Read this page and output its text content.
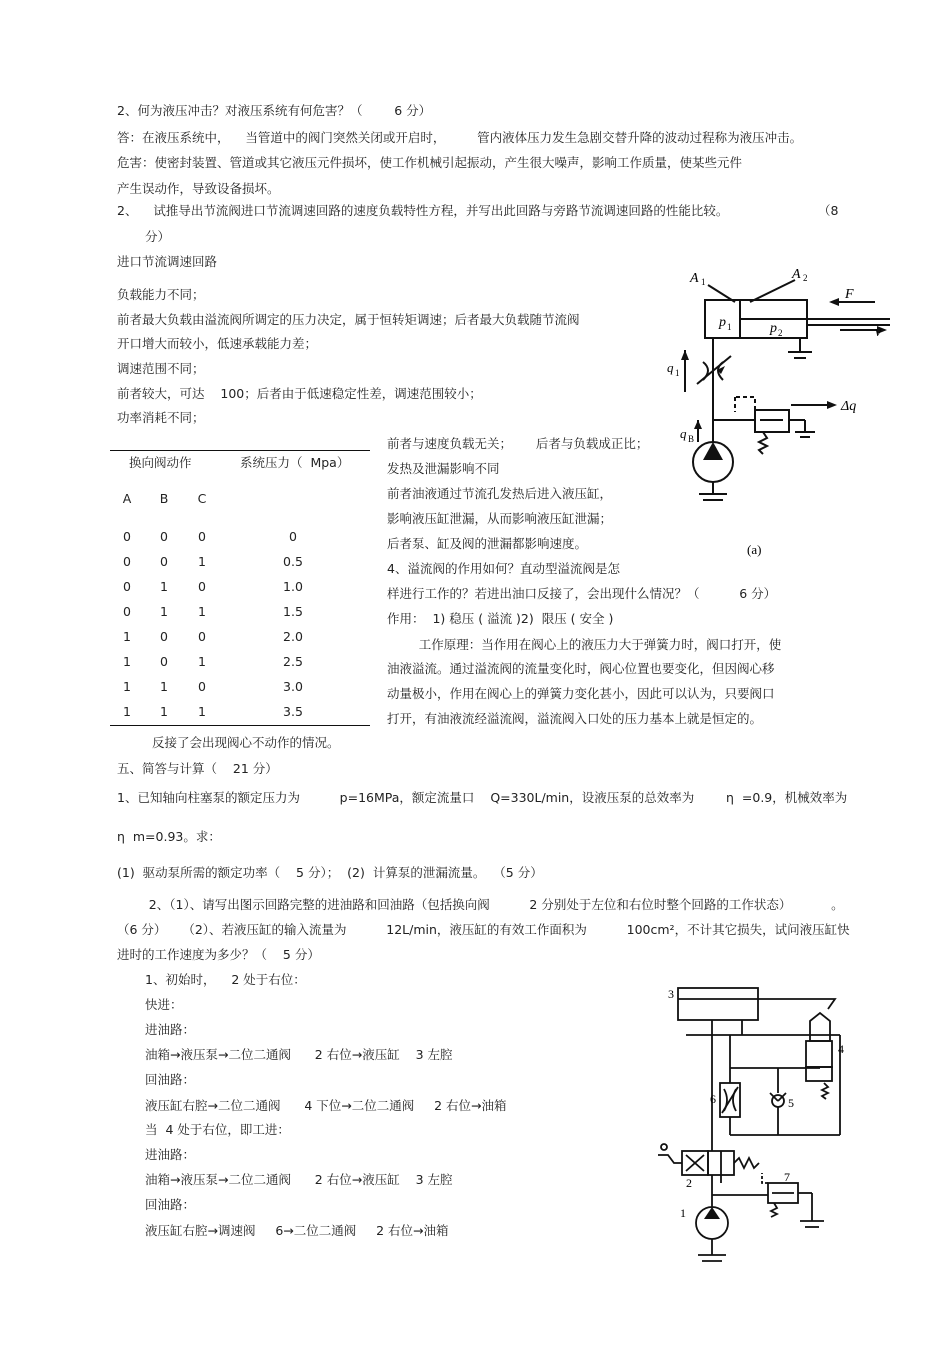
2、何为液压冲击？对液压系统有何危害？（        6 分）
答：在液压系统中，    当管道中的阀门突然关闭或开启时，        管内液体压力发生急剧交替升降的波动过程称为液压冲击。
危害：使密封装置、管道或其它液压元件损坏，使工作机械引起振动，产生很大噪声，影响工作质量，使某些元件
产生误动作，导致设备损坏。
2、    试推导出节流阀进口节流调速回路的速度负载特性方程，并写出此回路与旁路节流调速回路的性能比较。	（8
分）
进口节流调速回路
负载能力不同；
前者最大负载由溢流阀所调定的压力决定，属于恒转矩调速；后者最大负载随节流阀
开口增大而较小，低速承载能力差；
调速范围不同；
前者较大，可达    100；后者由于低速稳定性差，调速范围较小；
功率消耗不同；
前者与速度负载无关；      后者与负载成正比；
发热及泄漏影响不同
前者油液通过节流孔发热后进入液压缸，
影响液压缸泄漏，从而影响液压缸泄漏；
后者泵、缸及阀的泄漏都影响速度。
4、溢流阀的作用如何？直动型溢流阀是怎
样进行工作的？若进出油口反接了，会出现什么情况？（          6 分）
作用：  1) 稳压 ( 溢流 )2)  限压 ( 安全 )
工作原理：当作用在阀心上的液压力大于弹簧力时，阀口打开，使
油液溢流。通过溢流阀的流量变化时，阀心位置也要变化，但因阀心移
动量极小，作用在阀心上的弹簧力变化甚小，因此可以认为，只要阀口
打开，有油液流经溢流阀，溢流阀入口处的压力基本上就是恒定的。
反接了会出现阀心不动作的情况。
五、简答与计算（    21 分）
1、已知轴向柱塞泵的额定压力为          p=16MPa，额定流量口    Q=330L/min，设液压泵的总效率为        η  =0.9，机械效率为
η  m=0.93。求：
(1)  驱动泵所需的额定功率（    5 分）；  (2)  计算泵的泄漏流量。  （5 分）
2、（1）、请写出图示回路完整的进油路和回油路（包括换向阀          2 分别处于左位和右位时整个回路的工作状态）          。
（6 分）    （2）、若液压缸的输入流量为          12L/min，液压缸的有效工作面积为          100cm²，不计其它损失，试问液压缸快
进时的工作速度为多少？（    5 分）
1、初始时，    2 处于右位：
快进：
进油路：
油箱→液压泵→二位二通阀      2 右位→液压缸    3 左腔
回油路：
液压缸右腔→二位二通阀      4 下位→二位二通阀     2 右位→油箱
当  4 处于右位，即工进：
进油路：
油箱→液压泵→二位二通阀      2 右位→液压缸    3 左腔
回油路：
液压缸右腔→调速阀     6→二位二通阀     2 右位→油箱
换向阀动作	系统压力（  Mpa）
A	B	C
0	0	0	0
0	0	1	0.5
0	1	0	1.0
0	1	1	1.5
1	0	0	2.0
1	0	1	2.5
1	1	0	3.0
1	1	1	3.5
A 1	A 2
F
p 1	p 2	v
q 1
q B
Δq
(a)
3
4
5
6
2	7
1
